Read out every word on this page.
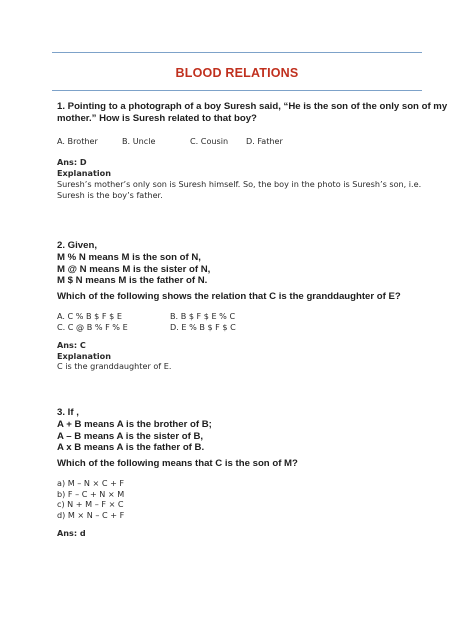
BLOOD RELATIONS
1. Pointing to a photograph of a boy Suresh said, “He is the son of the only son of my
mother.” How is Suresh related to that boy?
A. Brother	B. Uncle	C. Cousin D. Father
Ans: D
Explanation
Suresh’s mother’s only son is Suresh himself. So, the boy in the photo is Suresh’s son, i.e.
Suresh is the boy’s father.
2. Given,
M % N means M is the son of N,
M @ N means M is the sister of N,
M $ N means M is the father of N.
Which of the following shows the relation that C is the granddaughter of E?
A. C % B $ F $ E	B. B $ F $ E % C
C. C @ B % F % E	D. E % B $ F $ C
Ans: C
Explanation
C is the granddaughter of E.
3. If ,
A + B means A is the brother of B;
A – B means A is the sister of B,
A x B means A is the father of B.
Which of the following means that C is the son of M?
a) M – N × C + F
b) F – C + N × M
c) N + M – F × C
d) M × N – C + F
Ans: d
